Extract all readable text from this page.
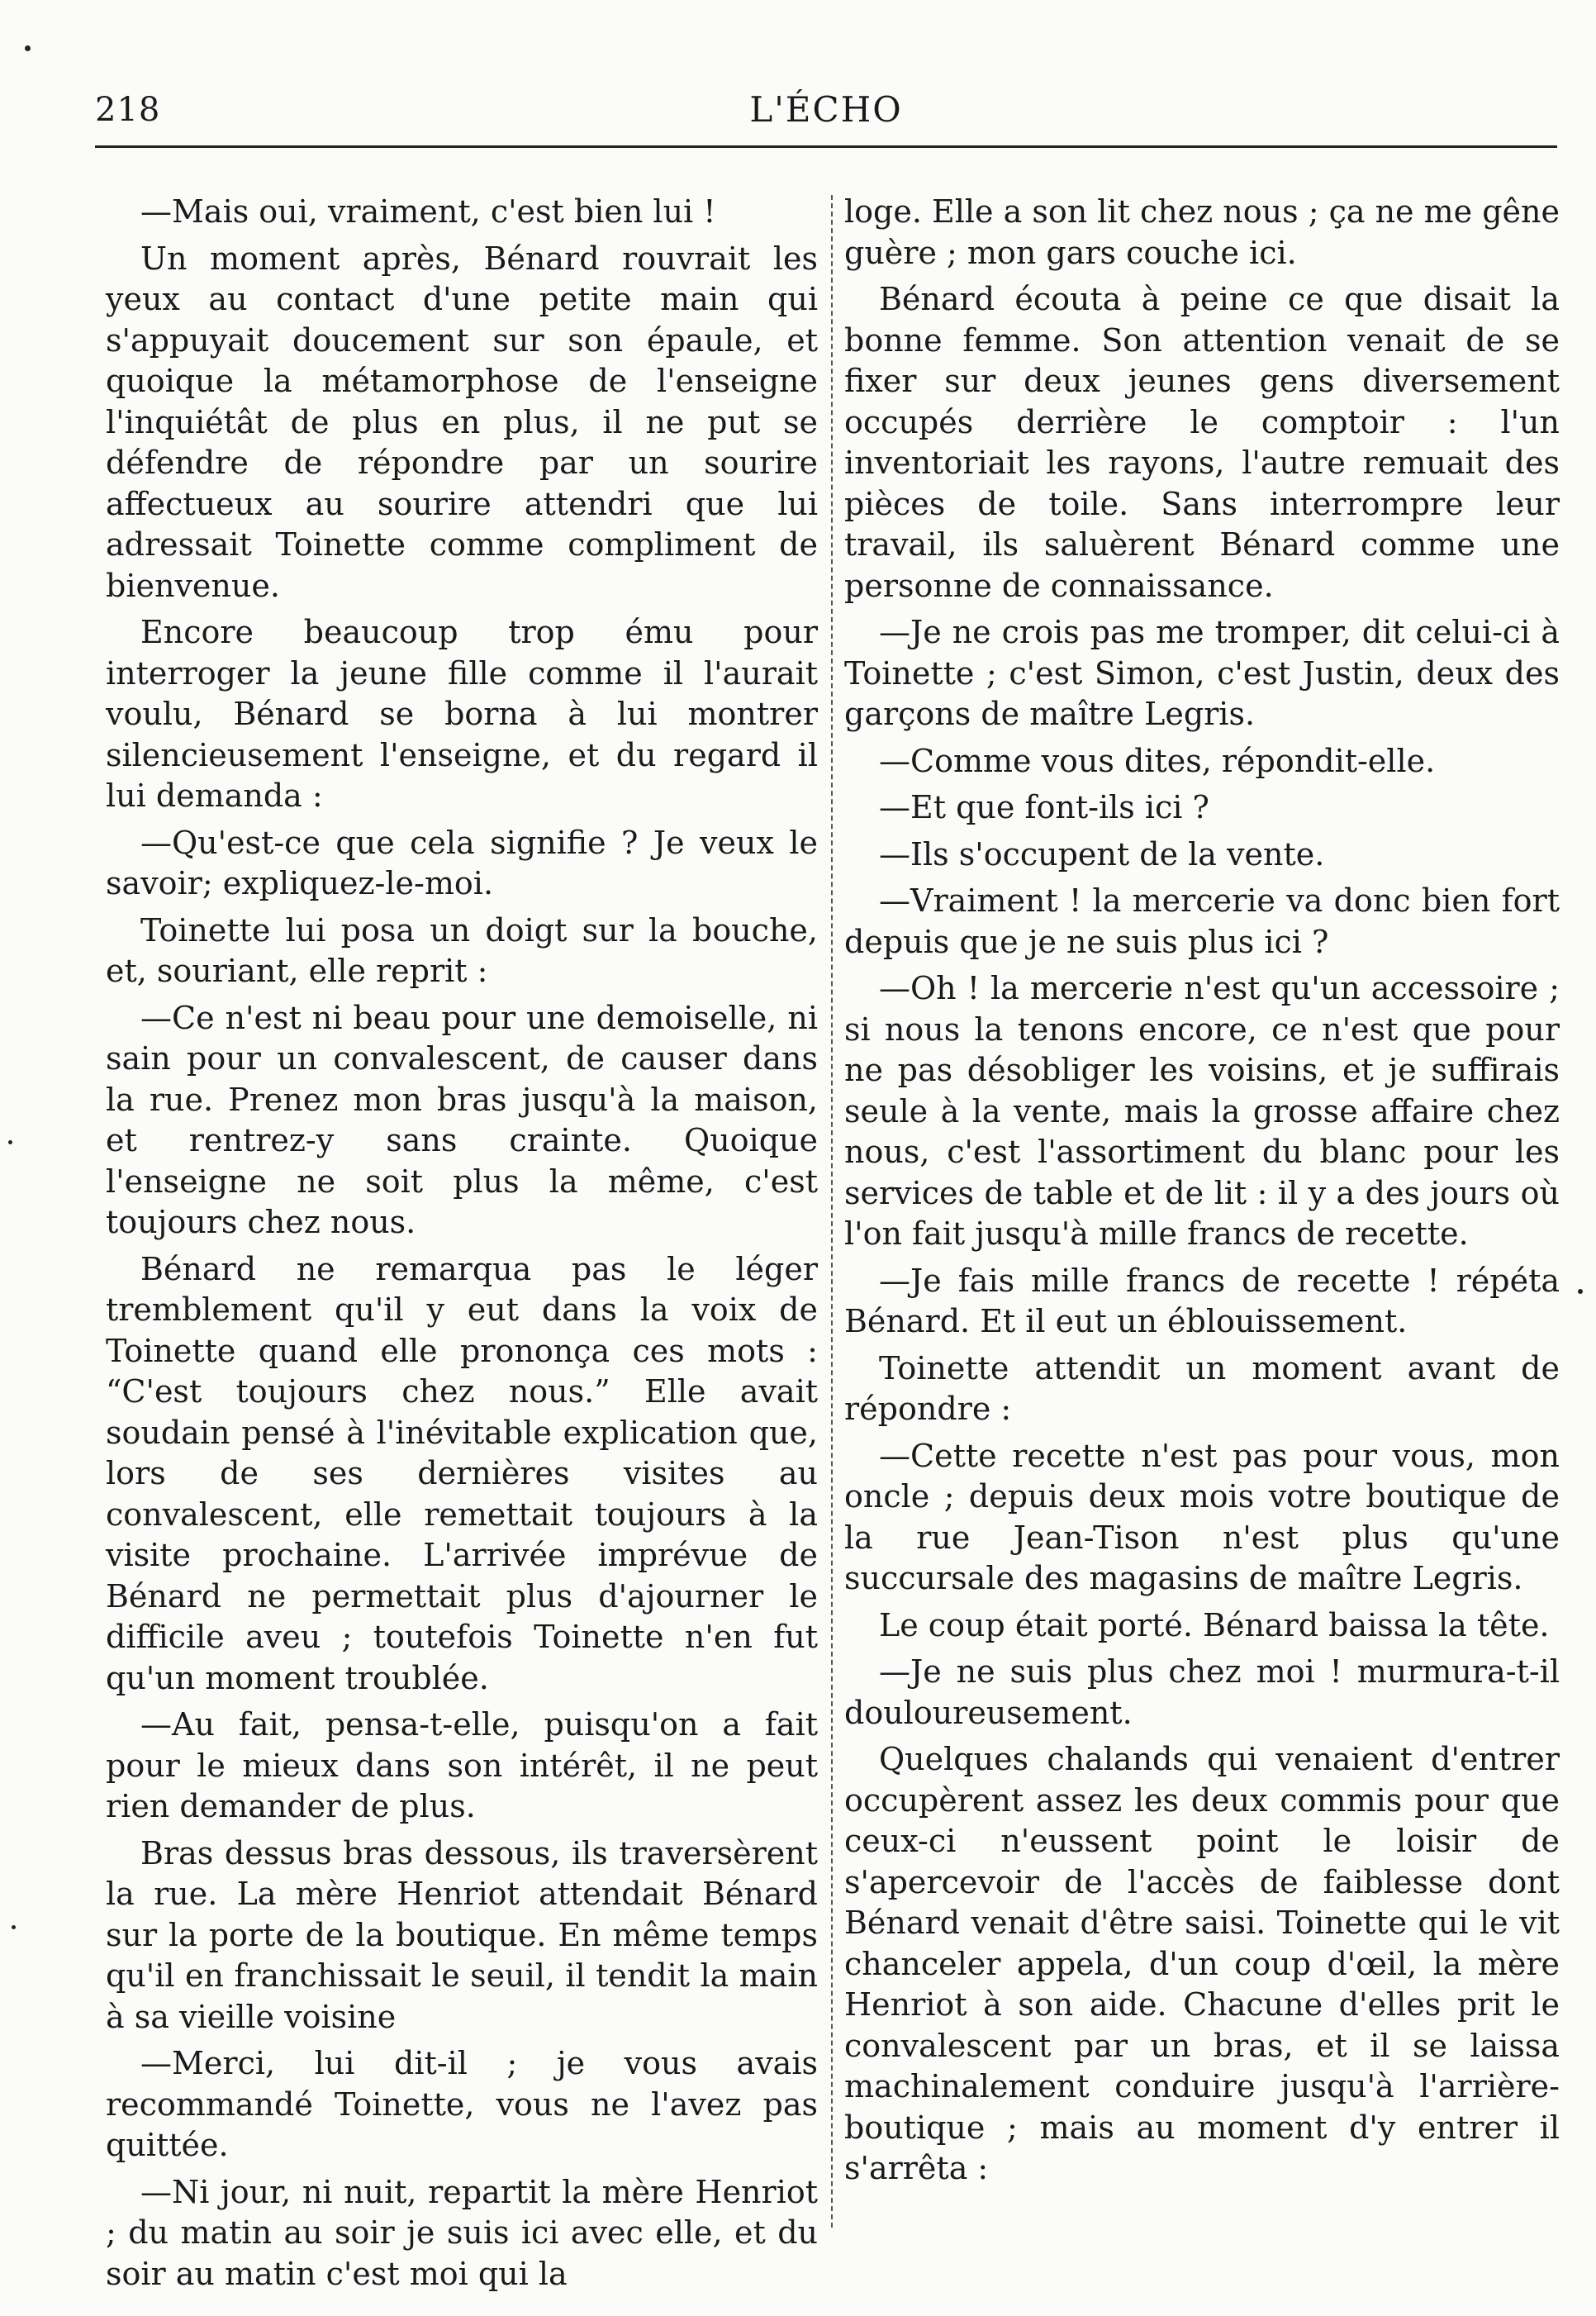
218	L'ÉCHO

—Mais oui, vraiment, c'est bien lui !

Un moment après, Bénard rouvrait les yeux au contact d'une petite main qui s'appuyait doucement sur son épaule, et quoique la métamorphose de l'enseigne l'inquiétât de plus en plus, il ne put se défendre de répondre par un sourire affectueux au sourire attendri que lui adressait Toinette comme compliment de bienvenue.

Encore beaucoup trop ému pour interroger la jeune fille comme il l'aurait voulu, Bénard se borna à lui montrer silencieusement l'enseigne, et du regard il lui demanda :

—Qu'est-ce que cela signifie ? Je veux le savoir; expliquez-le-moi.

Toinette lui posa un doigt sur la bouche, et, souriant, elle reprit :

—Ce n'est ni beau pour une demoiselle, ni sain pour un convalescent, de causer dans la rue. Prenez mon bras jusqu'à la maison, et rentrez-y sans crainte. Quoique l'enseigne ne soit plus la même, c'est toujours chez nous.

Bénard ne remarqua pas le léger tremblement qu'il y eut dans la voix de Toinette quand elle prononça ces mots : “C'est toujours chez nous.” Elle avait soudain pensé à l'inévitable explication que, lors de ses dernières visites au convalescent, elle remettait toujours à la visite prochaine. L'arrivée imprévue de Bénard ne permettait plus d'ajourner le difficile aveu ; toutefois Toinette n'en fut qu'un moment troublée.

—Au fait, pensa-t-elle, puisqu'on a fait pour le mieux dans son intérêt, il ne peut rien demander de plus.

Bras dessus bras dessous, ils traversèrent la rue. La mère Henriot attendait Bénard sur la porte de la boutique. En même temps qu'il en franchissait le seuil, il tendit la main à sa vieille voisine

—Merci, lui dit-il ; je vous avais recommandé Toinette, vous ne l'avez pas quittée.

—Ni jour, ni nuit, repartit la mère Henriot ; du matin au soir je suis ici avec elle, et du soir au matin c'est moi qui la

loge. Elle a son lit chez nous ; ça ne me gêne guère ; mon gars couche ici.

Bénard écouta à peine ce que disait la bonne femme. Son attention venait de se fixer sur deux jeunes gens diversement occupés derrière le comptoir : l'un inventoriait les rayons, l'autre remuait des pièces de toile. Sans interrompre leur travail, ils saluèrent Bénard comme une personne de connaissance.

—Je ne crois pas me tromper, dit celui-ci à Toinette ; c'est Simon, c'est Justin, deux des garçons de maître Legris.

—Comme vous dites, répondit-elle.

—Et que font-ils ici ?

—Ils s'occupent de la vente.

—Vraiment ! la mercerie va donc bien fort depuis que je ne suis plus ici ?

—Oh ! la mercerie n'est qu'un accessoire ; si nous la tenons encore, ce n'est que pour ne pas désobliger les voisins, et je suffirais seule à la vente, mais la grosse affaire chez nous, c'est l'assortiment du blanc pour les services de table et de lit : il y a des jours où l'on fait jusqu'à mille francs de recette.

—Je fais mille francs de recette ! répéta Bénard. Et il eut un éblouissement.

Toinette attendit un moment avant de répondre :

—Cette recette n'est pas pour vous, mon oncle ; depuis deux mois votre boutique de la rue Jean-Tison n'est plus qu'une succursale des magasins de maître Legris.

Le coup était porté. Bénard baissa la tête.

—Je ne suis plus chez moi ! murmura-t-il douloureusement.

Quelques chalands qui venaient d'entrer occupèrent assez les deux commis pour que ceux-ci n'eussent point le loisir de s'apercevoir de l'accès de faiblesse dont Bénard venait d'être saisi. Toinette qui le vit chanceler appela, d'un coup d'œil, la mère Henriot à son aide. Chacune d'elles prit le convalescent par un bras, et il se laissa machinalement conduire jusqu'à l'arrière-boutique ; mais au moment d'y entrer il s'arrêta :
